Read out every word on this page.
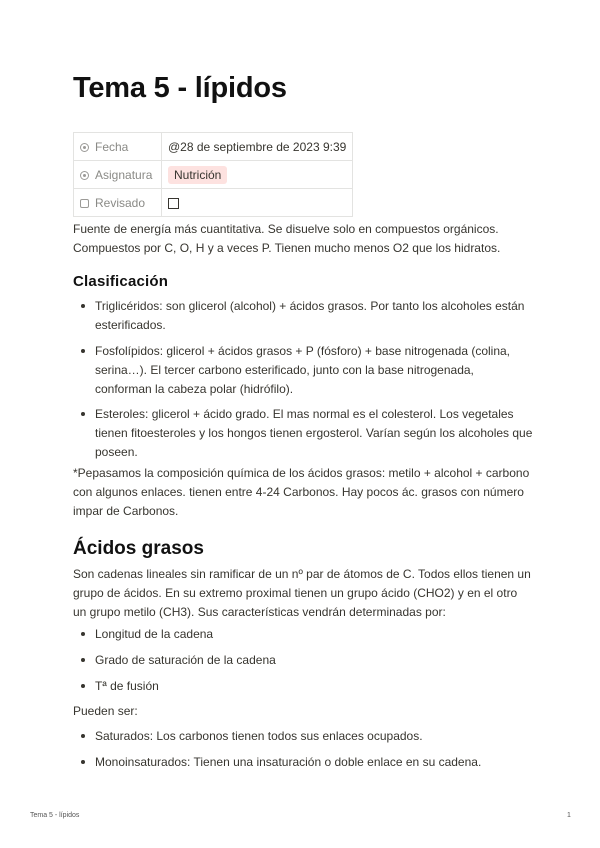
Tema 5 - lípidos
Fecha	@28 de septiembre de 2023 9:39

Asignatura	Nutrición
Revisado	
Fuente de energía más cuantitativa. Se disuelve solo en compuestos orgánicos. Compuestos por C, O, H y a veces P. Tienen mucho menos O2 que los hidratos.
Clasificación
Triglicéridos: son glicerol (alcohol) + ácidos grasos. Por tanto los alcoholes están esterificados.
Fosfolípidos: glicerol + ácidos grasos + P (fósforo) + base nitrogenada (colina, serina…). El tercer carbono esterificado, junto con la base nitrogenada, conforman la cabeza polar (hidrófilo).
Esteroles: glicerol + ácido grado. El mas normal es el colesterol. Los vegetales tienen fitoesteroles y los hongos tienen ergosterol. Varían según los alcoholes que poseen.
*Pepasamos la composición química de los ácidos grasos: metilo + alcohol + carbono con algunos enlaces. tienen entre 4-24 Carbonos. Hay pocos ác. grasos con número impar de Carbonos.
Ácidos grasos
Son cadenas lineales sin ramificar de un nº par de átomos de C. Todos ellos tienen un grupo de ácidos. En su extremo proximal tienen un grupo ácido (CHO2) y en el otro un grupo metilo (CH3). Sus características vendrán determinadas por:
Longitud de la cadena
Grado de saturación de la cadena
Tª de fusión
Pueden ser:
Saturados: Los carbonos tienen todos sus enlaces ocupados.
Monoinsaturados: Tienen una insaturación o doble enlace en su cadena.
Tema 5 - lípidos	1
